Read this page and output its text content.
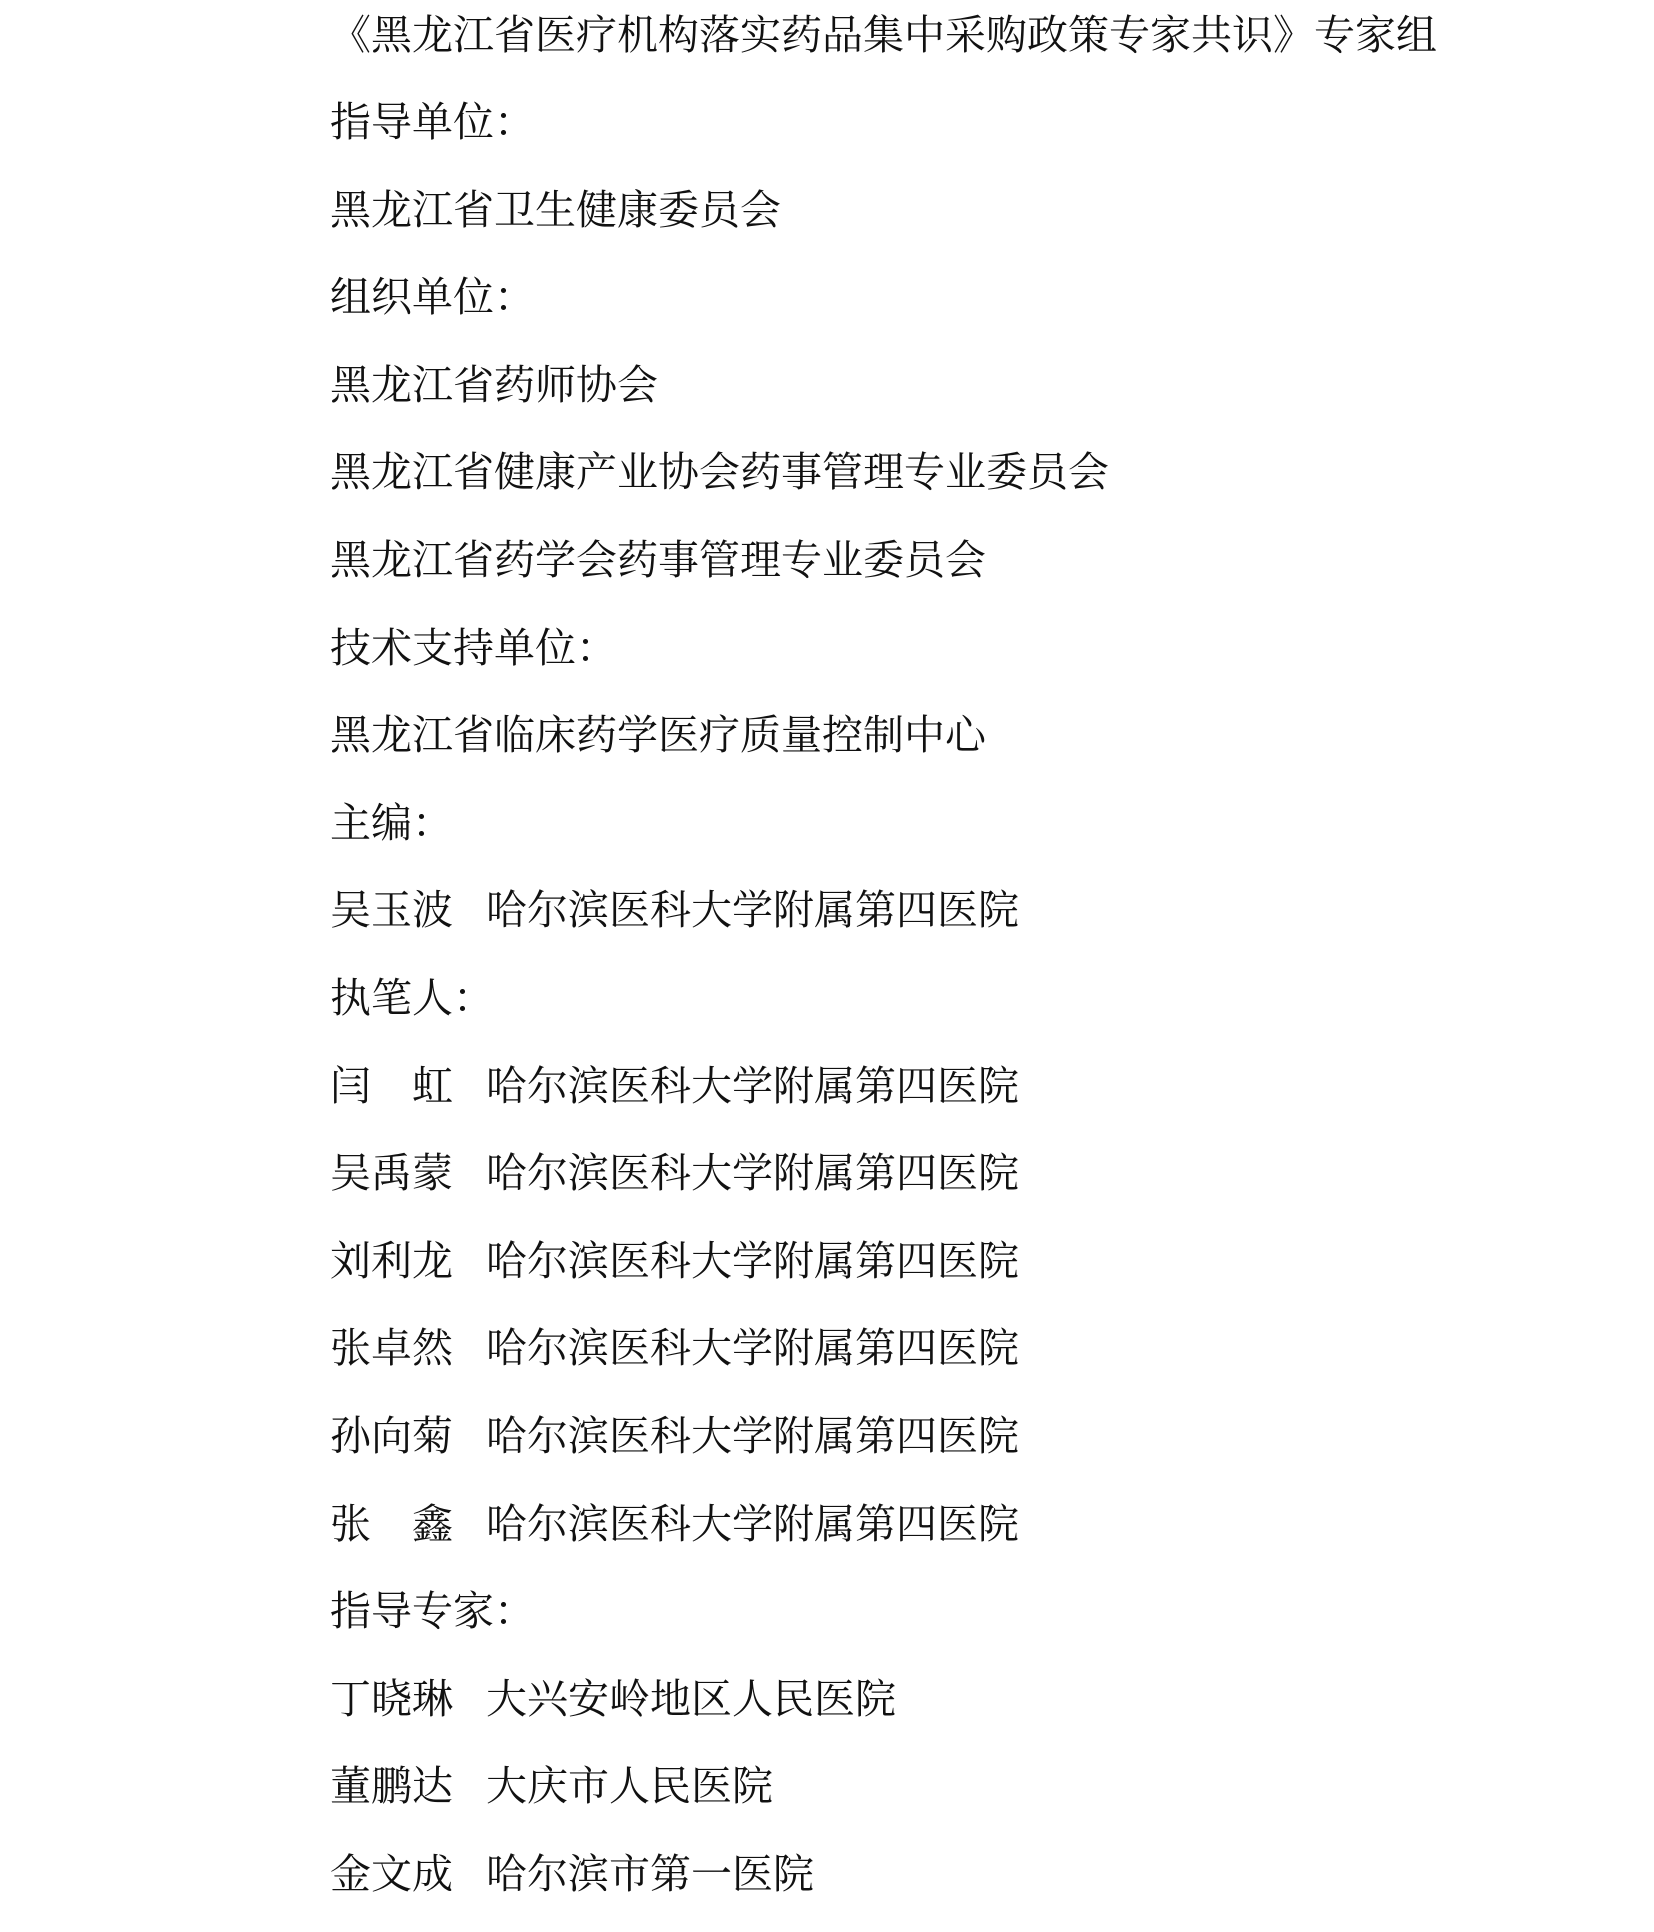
《黑龙江省医疗机构落实药品集中采购政策专家共识》专家组
指导单位：
黑龙江省卫生健康委员会
组织单位：
黑龙江省药师协会
黑龙江省健康产业协会药事管理专业委员会
黑龙江省药学会药事管理专业委员会
技术支持单位：
黑龙江省临床药学医疗质量控制中心
主编：
吴玉波 哈尔滨医科大学附属第四医院
执笔人：
闫　虹 哈尔滨医科大学附属第四医院
吴禹蒙 哈尔滨医科大学附属第四医院
刘利龙 哈尔滨医科大学附属第四医院
张卓然 哈尔滨医科大学附属第四医院
孙向菊 哈尔滨医科大学附属第四医院
张　鑫 哈尔滨医科大学附属第四医院
指导专家：
丁晓琳 大兴安岭地区人民医院
董鹏达 大庆市人民医院
金文成 哈尔滨市第一医院
